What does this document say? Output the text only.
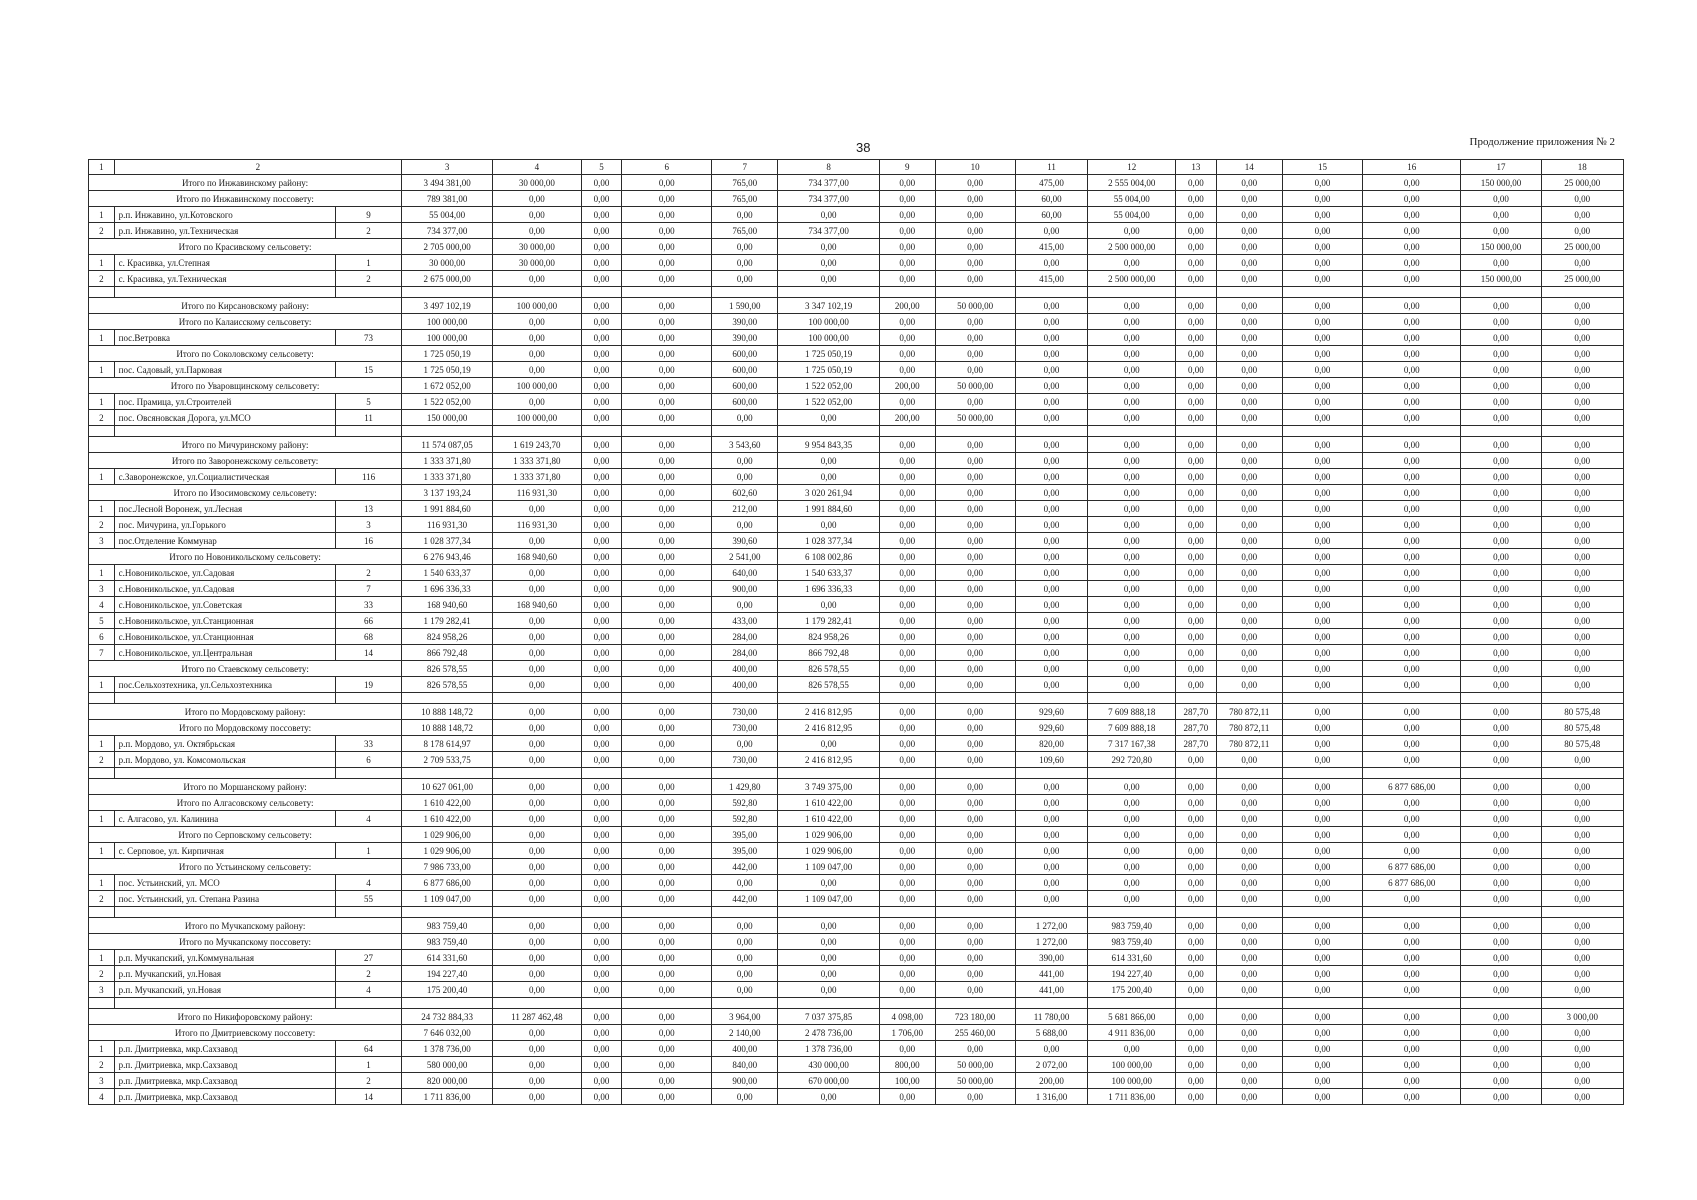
38	Продолжение приложения № 2
1	2		3	4	5	6	7	8	9	10	11	12	13	14	15	16	17	18
Итого по Инжавинскому району:			3 494 381,00	30 000,00	0,00	0,00	765,00	734 377,00	0,00	0,00	475,00	2 555 004,00	0,00	0,00	0,00	0,00	150 000,00	25 000,00
Итого по Инжавинскому поссовету:			789 381,00	0,00	0,00	0,00	765,00	734 377,00	0,00	0,00	60,00	55 004,00	0,00	0,00	0,00	0,00	0,00	0,00
1	р.п. Инжавино, ул.Котовского	9	55 004,00	0,00	0,00	0,00	0,00	0,00	0,00	0,00	60,00	55 004,00	0,00	0,00	0,00	0,00	0,00	0,00
2	р.п. Инжавино, ул.Техническая	2	734 377,00	0,00	0,00	0,00	765,00	734 377,00	0,00	0,00	0,00	0,00	0,00	0,00	0,00	0,00	0,00	0,00
Итого по Красивскому сельсовету:			2 705 000,00	30 000,00	0,00	0,00	0,00	0,00	0,00	0,00	415,00	2 500 000,00	0,00	0,00	0,00	0,00	150 000,00	25 000,00
1	с. Красивка, ул.Степная	1	30 000,00	30 000,00	0,00	0,00	0,00	0,00	0,00	0,00	0,00	0,00	0,00	0,00	0,00	0,00	0,00	0,00
2	с. Красивка, ул.Техническая	2	2 675 000,00	0,00	0,00	0,00	0,00	0,00	0,00	0,00	415,00	2 500 000,00	0,00	0,00	0,00	0,00	150 000,00	25 000,00

Итого по Кирсановскому району:			3 497 102,19	100 000,00	0,00	0,00	1 590,00	3 347 102,19	200,00	50 000,00	0,00	0,00	0,00	0,00	0,00	0,00	0,00	0,00
Итого по Калаисскому сельсовету:			100 000,00	0,00	0,00	0,00	390,00	100 000,00	0,00	0,00	0,00	0,00	0,00	0,00	0,00	0,00	0,00	0,00
1	пос.Ветровка	73	100 000,00	0,00	0,00	0,00	390,00	100 000,00	0,00	0,00	0,00	0,00	0,00	0,00	0,00	0,00	0,00	0,00
Итого по Соколовскому сельсовету:			1 725 050,19	0,00	0,00	0,00	600,00	1 725 050,19	0,00	0,00	0,00	0,00	0,00	0,00	0,00	0,00	0,00	0,00
1	пос. Садовый, ул.Парковая	15	1 725 050,19	0,00	0,00	0,00	600,00	1 725 050,19	0,00	0,00	0,00	0,00	0,00	0,00	0,00	0,00	0,00	0,00
Итого по Уваровщинскому сельсовету:			1 672 052,00	100 000,00	0,00	0,00	600,00	1 522 052,00	200,00	50 000,00	0,00	0,00	0,00	0,00	0,00	0,00	0,00	0,00
1	пос. Прамица, ул.Строителей	5	1 522 052,00	0,00	0,00	0,00	600,00	1 522 052,00	0,00	0,00	0,00	0,00	0,00	0,00	0,00	0,00	0,00	0,00
2	пос. Овсяновская Дорога, ул.МСО	11	150 000,00	100 000,00	0,00	0,00	0,00	0,00	200,00	50 000,00	0,00	0,00	0,00	0,00	0,00	0,00	0,00	0,00

Итого по Мичуринскому району:			11 574 087,05	1 619 243,70	0,00	0,00	3 543,60	9 954 843,35	0,00	0,00	0,00	0,00	0,00	0,00	0,00	0,00	0,00	0,00
Итого по Заворонежскому сельсовету:			1 333 371,80	1 333 371,80	0,00	0,00	0,00	0,00	0,00	0,00	0,00	0,00	0,00	0,00	0,00	0,00	0,00	0,00
1	с.Заворонежское, ул.Социалистическая	116	1 333 371,80	1 333 371,80	0,00	0,00	0,00	0,00	0,00	0,00	0,00	0,00	0,00	0,00	0,00	0,00	0,00	0,00
Итого по Изосимовскому сельсовету:			3 137 193,24	116 931,30	0,00	0,00	602,60	3 020 261,94	0,00	0,00	0,00	0,00	0,00	0,00	0,00	0,00	0,00	0,00
1	пос.Лесной Воронеж, ул.Лесная	13	1 991 884,60	0,00	0,00	0,00	212,00	1 991 884,60	0,00	0,00	0,00	0,00	0,00	0,00	0,00	0,00	0,00	0,00
2	пос. Мичурина, ул.Горького	3	116 931,30	116 931,30	0,00	0,00	0,00	0,00	0,00	0,00	0,00	0,00	0,00	0,00	0,00	0,00	0,00	0,00
3	пос.Отделение Коммунар	16	1 028 377,34	0,00	0,00	0,00	390,60	1 028 377,34	0,00	0,00	0,00	0,00	0,00	0,00	0,00	0,00	0,00	0,00
Итого по Новоникольскому сельсовету:			6 276 943,46	168 940,60	0,00	0,00	2 541,00	6 108 002,86	0,00	0,00	0,00	0,00	0,00	0,00	0,00	0,00	0,00	0,00
1	с.Новоникольское, ул.Садовая	2	1 540 633,37	0,00	0,00	0,00	640,00	1 540 633,37	0,00	0,00	0,00	0,00	0,00	0,00	0,00	0,00	0,00	0,00
3	с.Новоникольское, ул.Садовая	7	1 696 336,33	0,00	0,00	0,00	900,00	1 696 336,33	0,00	0,00	0,00	0,00	0,00	0,00	0,00	0,00	0,00	0,00
4	с.Новоникольское, ул.Советская	33	168 940,60	168 940,60	0,00	0,00	0,00	0,00	0,00	0,00	0,00	0,00	0,00	0,00	0,00	0,00	0,00	0,00
5	с.Новоникольское, ул.Станционная	66	1 179 282,41	0,00	0,00	0,00	433,00	1 179 282,41	0,00	0,00	0,00	0,00	0,00	0,00	0,00	0,00	0,00	0,00
6	с.Новоникольское, ул.Станционная	68	824 958,26	0,00	0,00	0,00	284,00	824 958,26	0,00	0,00	0,00	0,00	0,00	0,00	0,00	0,00	0,00	0,00
7	с.Новоникольское, ул.Центральная	14	866 792,48	0,00	0,00	0,00	284,00	866 792,48	0,00	0,00	0,00	0,00	0,00	0,00	0,00	0,00	0,00	0,00
Итого по Стаевскому сельсовету:			826 578,55	0,00	0,00	0,00	400,00	826 578,55	0,00	0,00	0,00	0,00	0,00	0,00	0,00	0,00	0,00	0,00
1	пос.Сельхозтехника, ул.Сельхозтехника	19	826 578,55	0,00	0,00	0,00	400,00	826 578,55	0,00	0,00	0,00	0,00	0,00	0,00	0,00	0,00	0,00	0,00

Итого по Мордовскому району:			10 888 148,72	0,00	0,00	0,00	730,00	2 416 812,95	0,00	0,00	929,60	7 609 888,18	287,70	780 872,11	0,00	0,00	0,00	80 575,48
Итого по Мордовскому поссовету:			10 888 148,72	0,00	0,00	0,00	730,00	2 416 812,95	0,00	0,00	929,60	7 609 888,18	287,70	780 872,11	0,00	0,00	0,00	80 575,48
1	р.п. Мордово, ул. Октябрьская	33	8 178 614,97	0,00	0,00	0,00	0,00	0,00	0,00	0,00	820,00	7 317 167,38	287,70	780 872,11	0,00	0,00	0,00	80 575,48
2	р.п. Мордово, ул. Комсомольская	6	2 709 533,75	0,00	0,00	0,00	730,00	2 416 812,95	0,00	0,00	109,60	292 720,80	0,00	0,00	0,00	0,00	0,00	0,00

Итого по Моршанскому району:			10 627 061,00	0,00	0,00	0,00	1 429,80	3 749 375,00	0,00	0,00	0,00	0,00	0,00	0,00	0,00	6 877 686,00	0,00	0,00
Итого по Алгасовскому сельсовету:			1 610 422,00	0,00	0,00	0,00	592,80	1 610 422,00	0,00	0,00	0,00	0,00	0,00	0,00	0,00	0,00	0,00	0,00
1	с. Алгасово, ул. Калинина	4	1 610 422,00	0,00	0,00	0,00	592,80	1 610 422,00	0,00	0,00	0,00	0,00	0,00	0,00	0,00	0,00	0,00	0,00
Итого по Серповскому сельсовету:			1 029 906,00	0,00	0,00	0,00	395,00	1 029 906,00	0,00	0,00	0,00	0,00	0,00	0,00	0,00	0,00	0,00	0,00
1	с. Серповое, ул. Кирпичная	1	1 029 906,00	0,00	0,00	0,00	395,00	1 029 906,00	0,00	0,00	0,00	0,00	0,00	0,00	0,00	0,00	0,00	0,00
Итого по Устьинскому сельсовету:			7 986 733,00	0,00	0,00	0,00	442,00	1 109 047,00	0,00	0,00	0,00	0,00	0,00	0,00	0,00	6 877 686,00	0,00	0,00
1	пос. Устьинский, ул. МСО	4	6 877 686,00	0,00	0,00	0,00	0,00	0,00	0,00	0,00	0,00	0,00	0,00	0,00	0,00	6 877 686,00	0,00	0,00
2	пос. Устьинский, ул. Степана Разина	55	1 109 047,00	0,00	0,00	0,00	442,00	1 109 047,00	0,00	0,00	0,00	0,00	0,00	0,00	0,00	0,00	0,00	0,00

Итого по Мучкапскому району:			983 759,40	0,00	0,00	0,00	0,00	0,00	0,00	0,00	1 272,00	983 759,40	0,00	0,00	0,00	0,00	0,00	0,00
Итого по Мучкапскому поссовету:			983 759,40	0,00	0,00	0,00	0,00	0,00	0,00	0,00	1 272,00	983 759,40	0,00	0,00	0,00	0,00	0,00	0,00
1	р.п. Мучкапский, ул.Коммунальная	27	614 331,60	0,00	0,00	0,00	0,00	0,00	0,00	0,00	390,00	614 331,60	0,00	0,00	0,00	0,00	0,00	0,00
2	р.п. Мучкапский, ул.Новая	2	194 227,40	0,00	0,00	0,00	0,00	0,00	0,00	0,00	441,00	194 227,40	0,00	0,00	0,00	0,00	0,00	0,00
3	р.п. Мучкапский, ул.Новая	4	175 200,40	0,00	0,00	0,00	0,00	0,00	0,00	0,00	441,00	175 200,40	0,00	0,00	0,00	0,00	0,00	0,00

Итого по Никифоровскому району:			24 732 884,33	11 287 462,48	0,00	0,00	3 964,00	7 037 375,85	4 098,00	723 180,00	11 780,00	5 681 866,00	0,00	0,00	0,00	0,00	0,00	3 000,00
Итого по Дмитриевскому поссовету:			7 646 032,00	0,00	0,00	0,00	2 140,00	2 478 736,00	1 706,00	255 460,00	5 688,00	4 911 836,00	0,00	0,00	0,00	0,00	0,00	0,00
1	р.п. Дмитриевка, мкр.Сахзавод	64	1 378 736,00	0,00	0,00	0,00	400,00	1 378 736,00	0,00	0,00	0,00	0,00	0,00	0,00	0,00	0,00	0,00	0,00
2	р.п. Дмитриевка, мкр.Сахзавод	1	580 000,00	0,00	0,00	0,00	840,00	430 000,00	800,00	50 000,00	2 072,00	100 000,00	0,00	0,00	0,00	0,00	0,00	0,00
3	р.п. Дмитриевка, мкр.Сахзавод	2	820 000,00	0,00	0,00	0,00	900,00	670 000,00	100,00	50 000,00	200,00	100 000,00	0,00	0,00	0,00	0,00	0,00	0,00
4	р.п. Дмитриевка, мкр.Сахзавод	14	1 711 836,00	0,00	0,00	0,00	0,00	0,00	0,00	0,00	1 316,00	1 711 836,00	0,00	0,00	0,00	0,00	0,00	0,00
